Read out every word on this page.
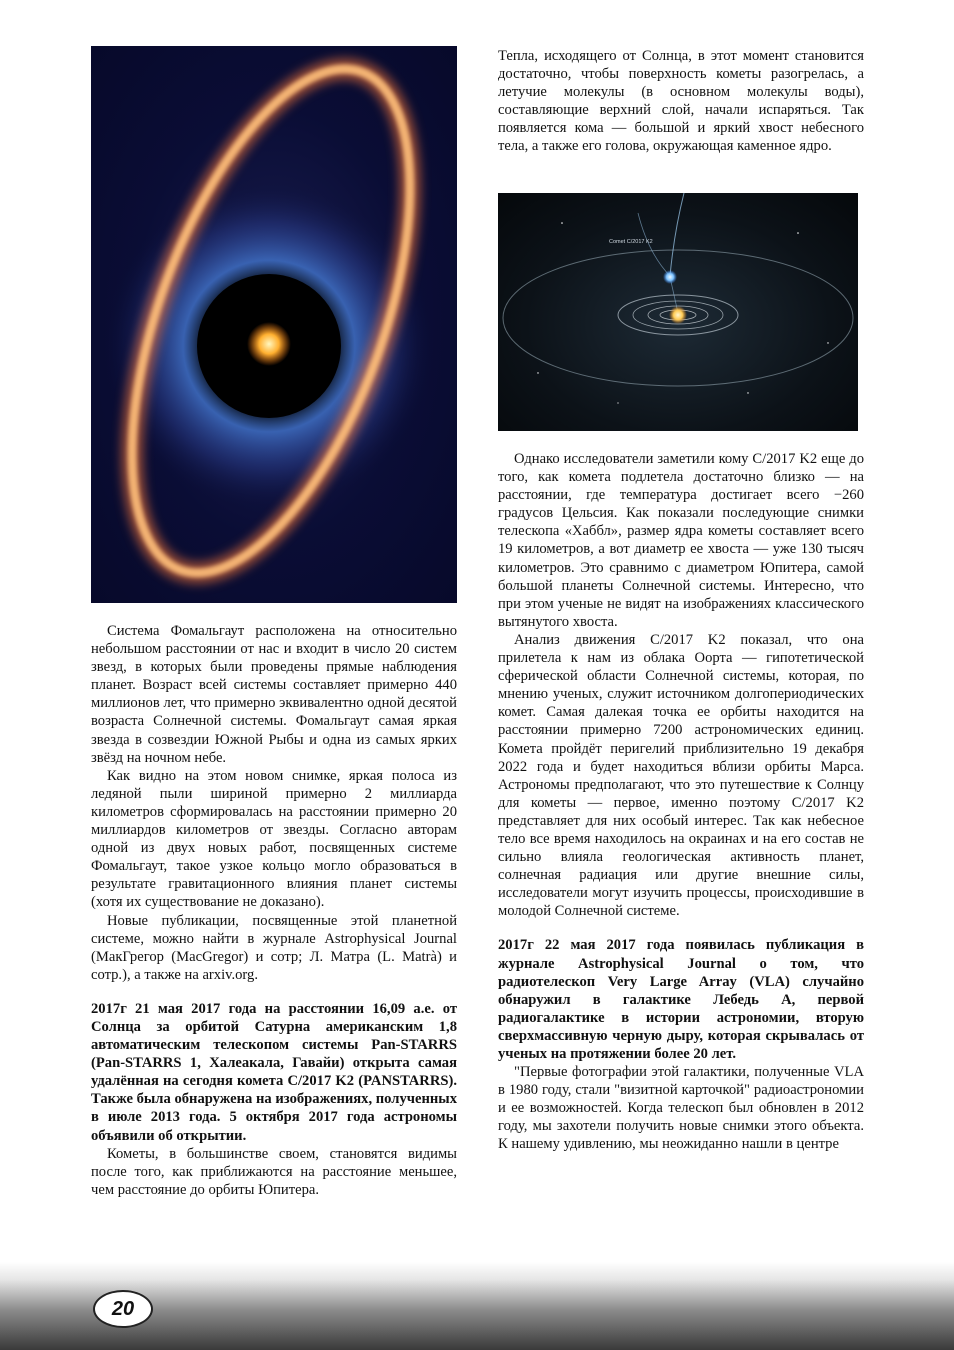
Comet C/2017 K2

Система Фомальгаут расположена на относительно небольшом расстоянии от нас и входит в число 20 систем звезд, в которых были проведены прямые наблюдения планет. Возраст всей системы составляет примерно 440 миллионов лет, что примерно эквивалентно одной десятой возраста Солнечной системы. Фомальгаут самая яркая звезда в созвездии Южной Рыбы и одна из самых ярких звёзд на ночном небе.

Как видно на этом новом снимке, яркая полоса из ледяной пыли шириной примерно 2 миллиарда километров сформировалась на расстоянии примерно 20 миллиардов километров от звезды. Согласно авторам одной из двух новых работ, посвященных системе Фомальгаут, такое узкое кольцо могло образоваться в результате гравитационного влияния планет системы (хотя их существование не доказано).

Новые публикации, посвященные этой планетной системе, можно найти в журнале Astrophysical Journal (МакГрегор (MacGregor) и сотр; Л. Матра (L. Matrà) и сотр.), а также на arxiv.org.

2017г 21 мая 2017 года на расстоянии 16,09 а.е. от Солнца за орбитой Сатурна американским 1,8 автоматическим телескопом системы Pan-STARRS (Pan-STARRS 1, Халеакала, Гавайи) открыта самая удалённая на сегодня комета С/2017 K2 (PANSTARRS). Также была обнаружена на изображениях, полученных в июле 2013 года. 5 октября 2017 года астрономы объявили об открытии.

Кометы, в большинстве своем, становятся видимы после того, как приближаются на расстояние меньшее, чем расстояние до орбиты Юпитера.

Тепла, исходящего от Солнца, в этот момент становится достаточно, чтобы поверхность кометы разогрелась, а летучие молекулы (в основном молекулы воды), составляющие верхний слой, начали испаряться. Так появляется кома — большой и яркий хвост небесного тела, а также его голова, окружающая каменное ядро.

Однако исследователи заметили кому C/2017 K2 еще до того, как комета подлетела достаточно близко — на расстоянии, где температура достигает всего −260 градусов Цельсия. Как показали последующие снимки телескопа «Хаббл», размер ядра кометы составляет всего 19 километров, а вот диаметр ее хвоста — уже 130 тысяч километров. Это сравнимо с диаметром Юпитера, самой большой планеты Солнечной системы. Интересно, что при этом ученые не видят на изображениях классического вытянутого хвоста.

Анализ движения C/2017 K2 показал, что она прилетела к нам из облака Оорта — гипотетической сферической области Солнечной системы, которая, по мнению ученых, служит источником долгопериодических комет. Самая далекая точка ее орбиты находится на расстоянии примерно 7200 астрономических единиц. Комета пройдёт перигелий приблизительно 19 декабря 2022 года и будет находиться вблизи орбиты Марса. Астрономы предполагают, что это путешествие к Солнцу для кометы — первое, именно поэтому C/2017 K2 представляет для них особый интерес. Так как небесное тело все время находилось на окраинах и на его состав не сильно влияла геологическая активность планет, солнечная радиация или другие внешние силы, исследователи могут изучить процессы, происходившие в молодой Солнечной системе.

2017г 22 мая 2017 года появилась публикация в журнале Astrophysical Journal о том, что радиотелескоп Very Large Array (VLA) случайно обнаружил в галактике Лебедь А, первой радиогалактике в истории астрономии, вторую сверхмассивную черную дыру, которая скрывалась от ученых на протяжении более 20 лет.

"Первые фотографии этой галактики, полученные VLA в 1980 году, стали "визитной карточкой" радиоастрономии и ее возможностей. Когда телескоп был обновлен в 2012 году, мы захотели получить новые снимки этого объекта. К нашему удивлению, мы неожиданно нашли в центре

20
